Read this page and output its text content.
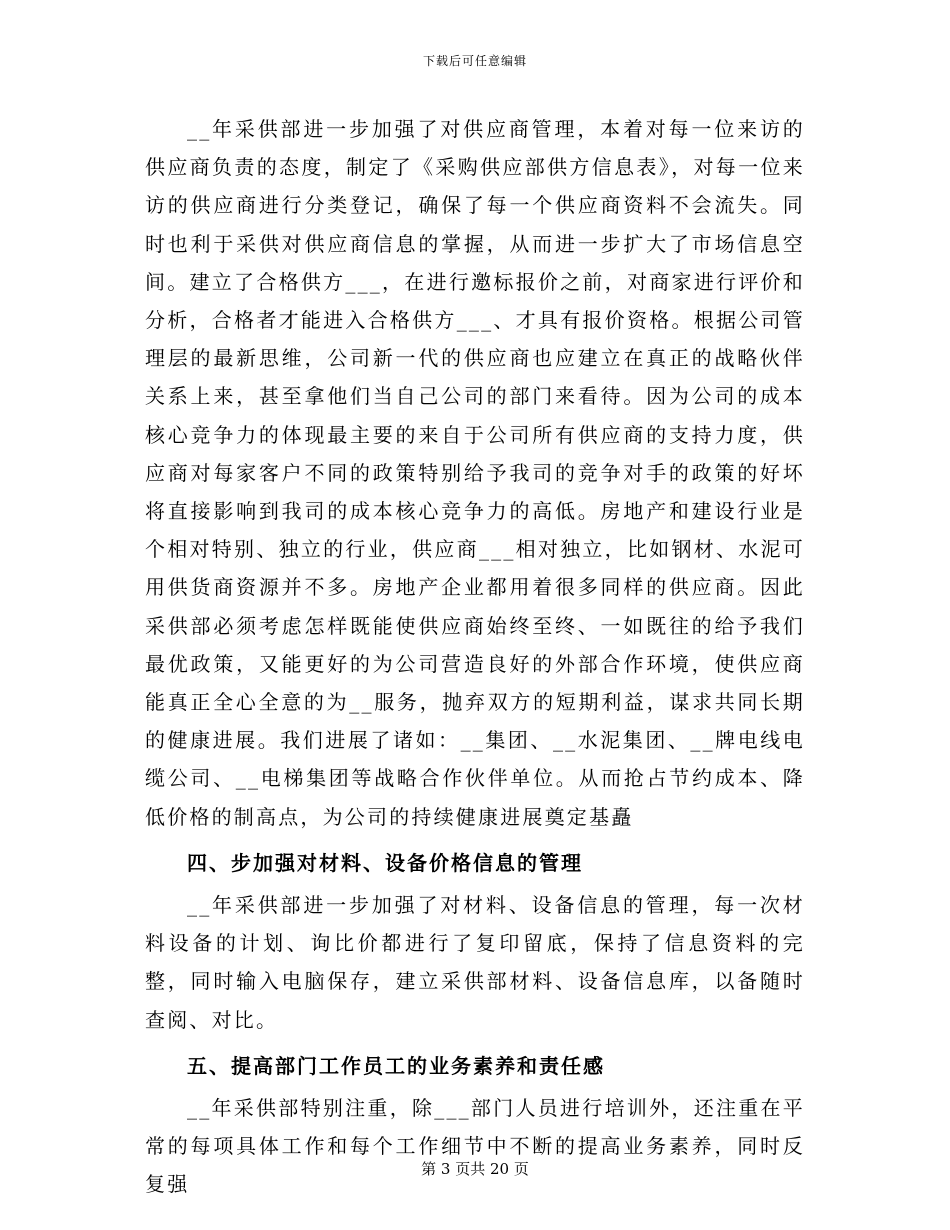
下载后可任意编辑

__年采供部进一步加强了对供应商管理，本着对每一位来访的供应商负责的态度，制定了《采购供应部供方信息表》，对每一位来访的供应商进行分类登记，确保了每一个供应商资料不会流失。同时也利于采供对供应商信息的掌握，从而进一步扩大了市场信息空间。建立了合格供方___，在进行邀标报价之前，对商家进行评价和分析，合格者才能进入合格供方___、才具有报价资格。根据公司管理层的最新思维，公司新一代的供应商也应建立在真正的战略伙伴关系上来，甚至拿他们当自己公司的部门来看待。因为公司的成本核心竞争力的体现最主要的来自于公司所有供应商的支持力度，供应商对每家客户不同的政策特别给予我司的竞争对手的政策的好坏将直接影响到我司的成本核心竞争力的高低。房地产和建设行业是个相对特别、独立的行业，供应商___相对独立，比如钢材、水泥可用供货商资源并不多。房地产企业都用着很多同样的供应商。因此采供部必须考虑怎样既能使供应商始终至终、一如既往的给予我们最优政策，又能更好的为公司营造良好的外部合作环境，使供应商能真正全心全意的为__服务，抛弃双方的短期利益，谋求共同长期的健康进展。我们进展了诸如：__集团、__水泥集团、__牌电线电缆公司、__电梯集团等战略合作伙伴单位。从而抢占节约成本、降低价格的制高点，为公司的持续健康进展奠定基矗

四、步加强对材料、设备价格信息的管理

__年采供部进一步加强了对材料、设备信息的管理，每一次材料设备的计划、询比价都进行了复印留底，保持了信息资料的完整，同时输入电脑保存，建立采供部材料、设备信息库，以备随时查阅、对比。

五、提高部门工作员工的业务素养和责任感

__年采供部特别注重，除___部门人员进行培训外，还注重在平常的每项具体工作和每个工作细节中不断的提高业务素养，同时反复强

第 3 页共 20 页
